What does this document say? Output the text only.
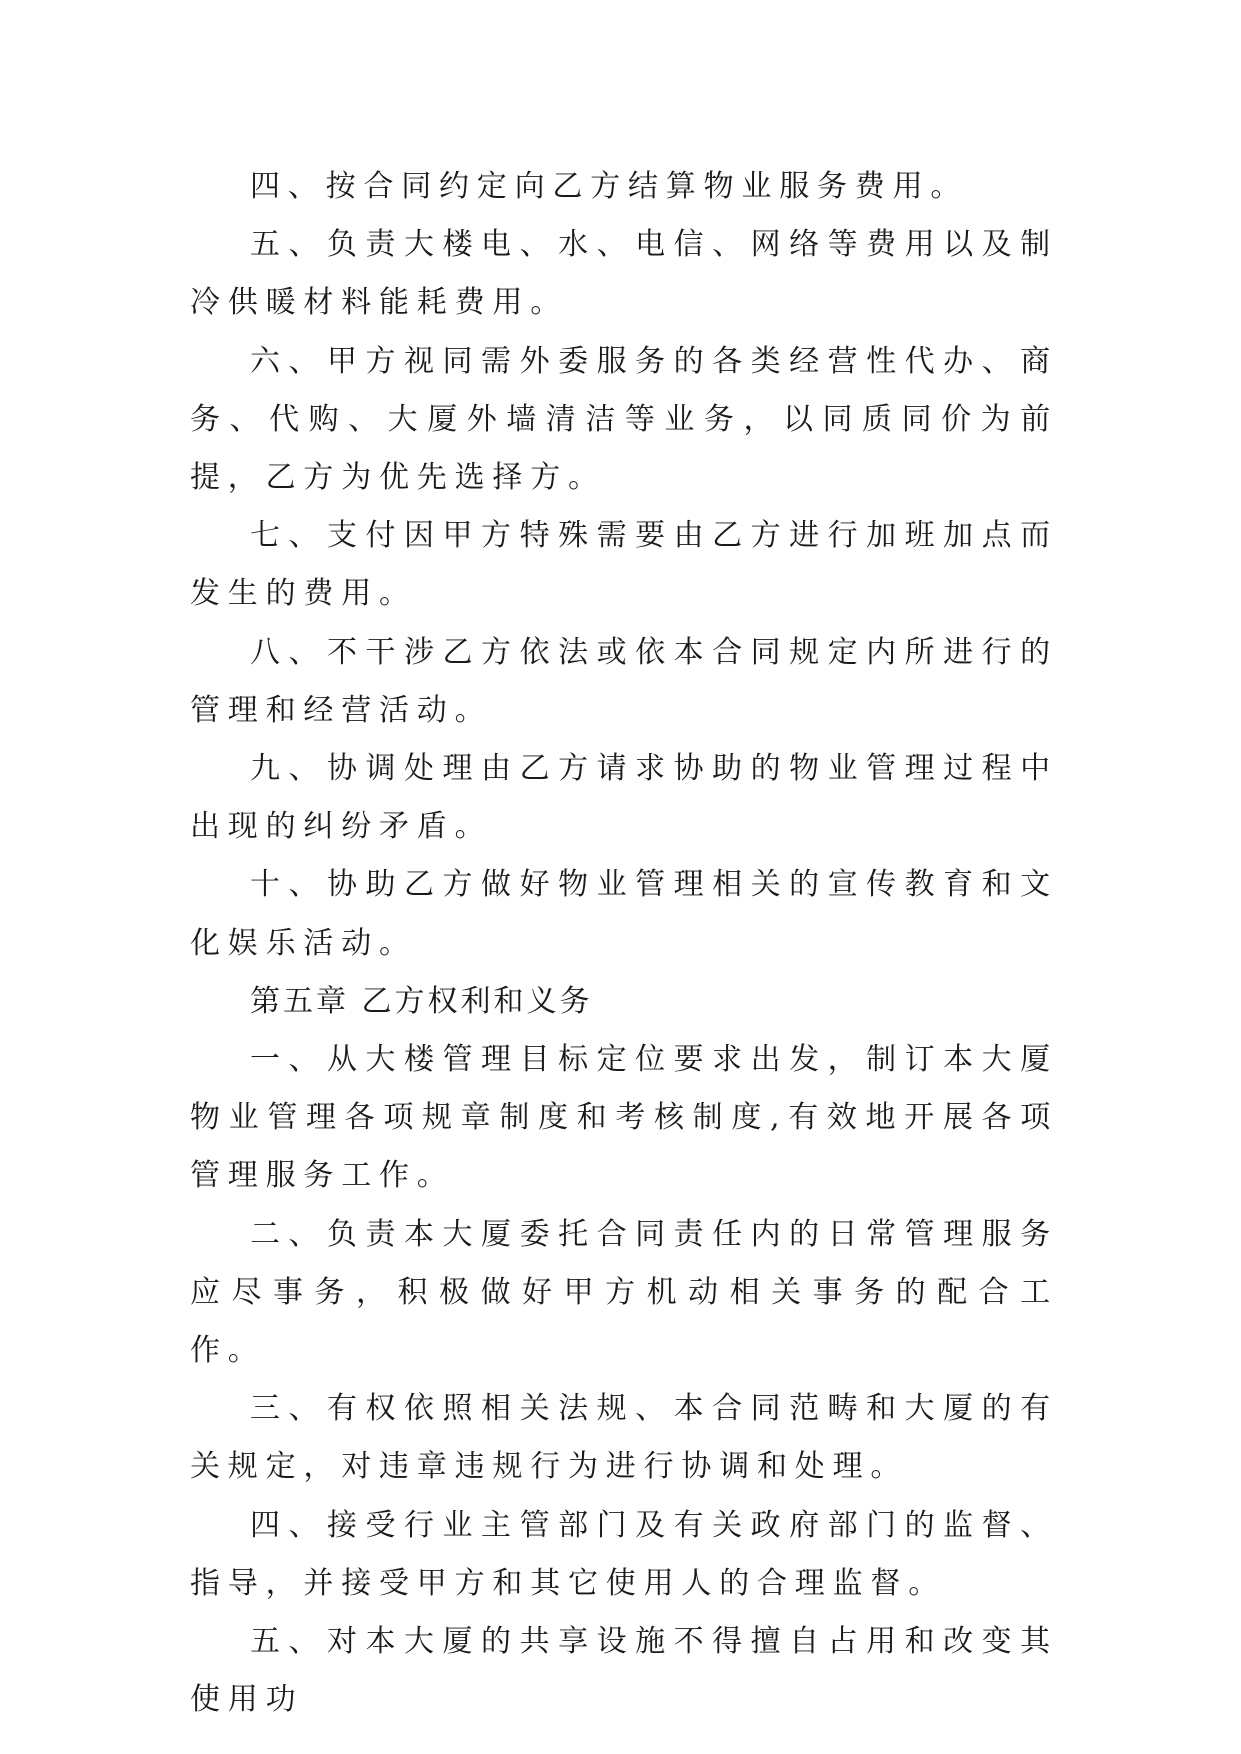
四、按合同约定向乙方结算物业服务费用。

五、负责大楼电、水、电信、网络等费用以及制冷供暖材料能耗费用。

六、甲方视同需外委服务的各类经营性代办、商务、代购、大厦外墙清洁等业务，以同质同价为前提，乙方为优先选择方。

七、支付因甲方特殊需要由乙方进行加班加点而发生的费用。

八、不干涉乙方依法或依本合同规定内所进行的管理和经营活动。

九、协调处理由乙方请求协助的物业管理过程中出现的纠纷矛盾。

十、协助乙方做好物业管理相关的宣传教育和文化娱乐活动。

第五章 乙方权利和义务

一、从大楼管理目标定位要求出发，制订本大厦物业管理各项规章制度和考核制度,有效地开展各项管理服务工作。

二、负责本大厦委托合同责任内的日常管理服务应尽事务，积极做好甲方机动相关事务的配合工作。

三、有权依照相关法规、本合同范畴和大厦的有关规定，对违章违规行为进行协调和处理。

四、接受行业主管部门及有关政府部门的监督、指导，并接受甲方和其它使用人的合理监督。

五、对本大厦的共享设施不得擅自占用和改变其使用功
